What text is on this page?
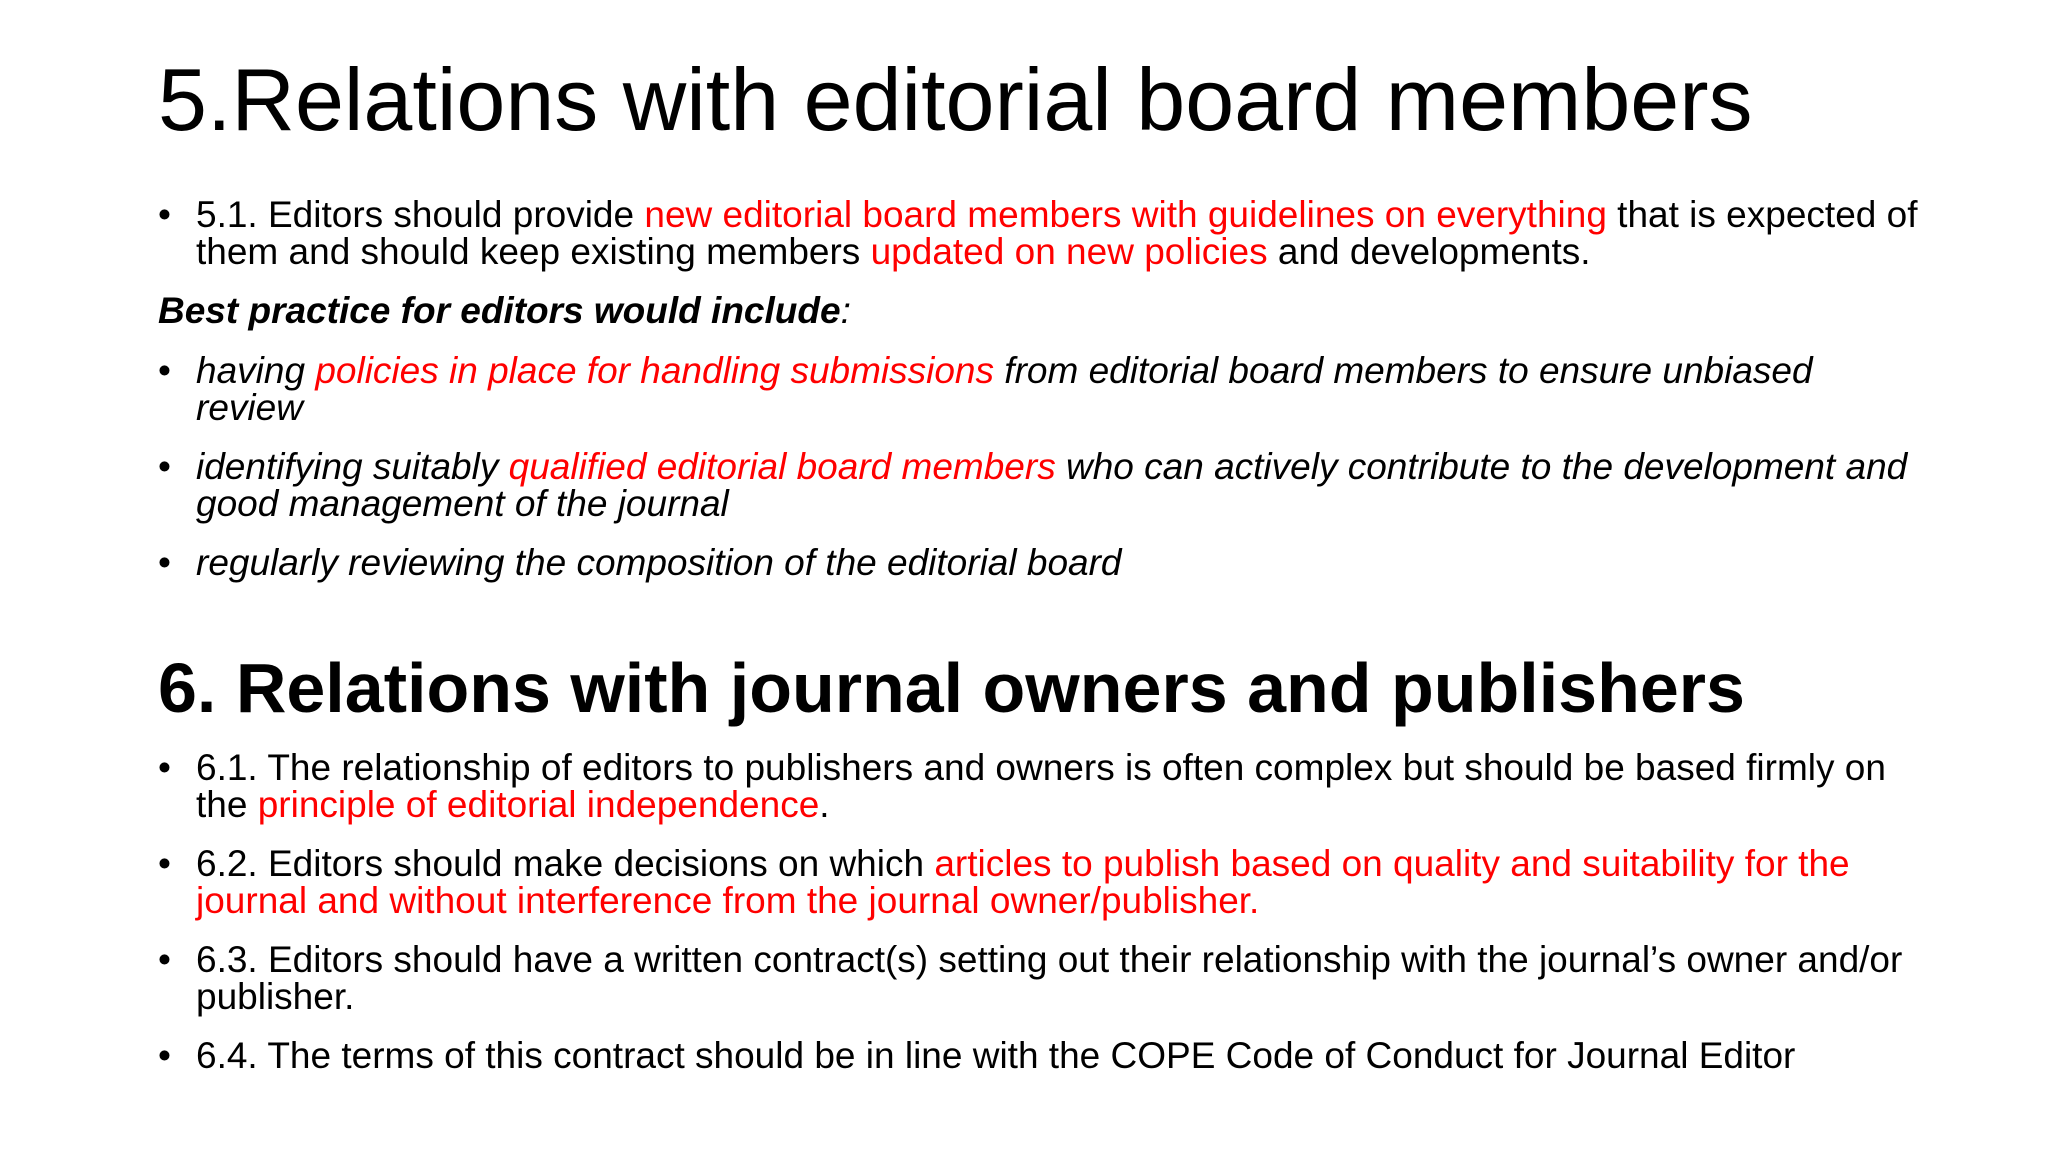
5.Relations with editorial board members
• 5.1. Editors should provide new editorial board members with guidelines on everything that is expected of them and should keep existing members updated on new policies and developments.

Best practice for editors would include:

• having policies in place for handling submissions from editorial board members to ensure unbiased review
• identifying suitably qualified editorial board members who can actively contribute to the development and good management of the journal
• regularly reviewing the composition of the editorial board
6. Relations with journal owners and publishers
• 6.1. The relationship of editors to publishers and owners is often complex but should be based firmly on the principle of editorial independence.
• 6.2. Editors should make decisions on which articles to publish based on quality and suitability for the journal and without interference from the journal owner/publisher.
• 6.3. Editors should have a written contract(s) setting out their relationship with the journal’s owner and/or publisher.
• 6.4. The terms of this contract should be in line with the COPE Code of Conduct for Journal Editor
